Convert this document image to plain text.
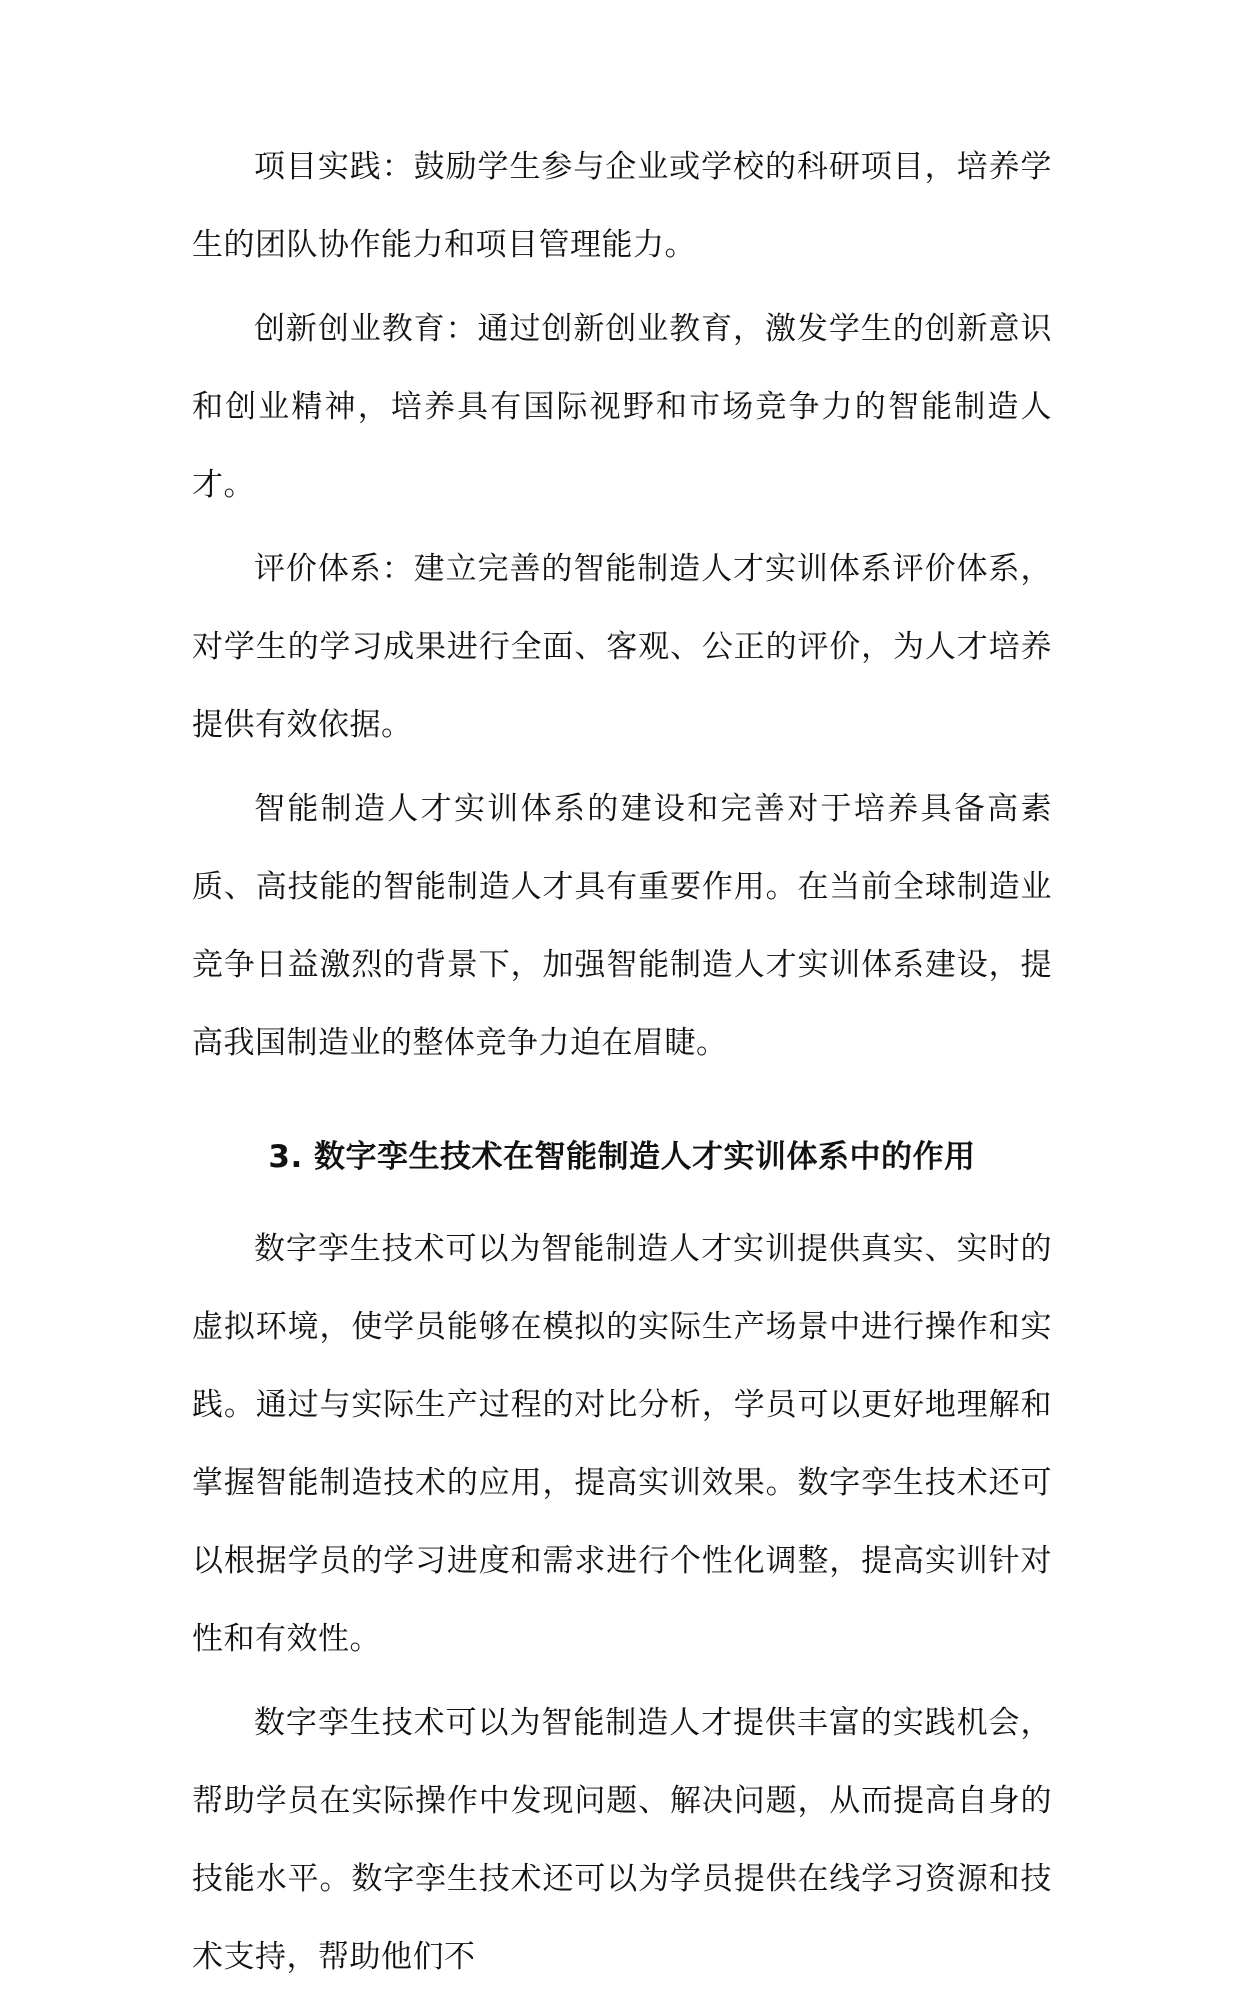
项目实践：鼓励学生参与企业或学校的科研项目，培养学生的团队协作能力和项目管理能力。

创新创业教育：通过创新创业教育，激发学生的创新意识和创业精神，培养具有国际视野和市场竞争力的智能制造人才。

评价体系：建立完善的智能制造人才实训体系评价体系，对学生的学习成果进行全面、客观、公正的评价，为人才培养提供有效依据。

智能制造人才实训体系的建设和完善对于培养具备高素质、高技能的智能制造人才具有重要作用。在当前全球制造业竞争日益激烈的背景下，加强智能制造人才实训体系建设，提高我国制造业的整体竞争力迫在眉睫。

3. 数字孪生技术在智能制造人才实训体系中的作用

数字孪生技术可以为智能制造人才实训提供真实、实时的虚拟环境，使学员能够在模拟的实际生产场景中进行操作和实践。通过与实际生产过程的对比分析，学员可以更好地理解和掌握智能制造技术的应用，提高实训效果。数字孪生技术还可以根据学员的学习进度和需求进行个性化调整，提高实训针对性和有效性。

数字孪生技术可以为智能制造人才提供丰富的实践机会，帮助学员在实际操作中发现问题、解决问题，从而提高自身的技能水平。数字孪生技术还可以为学员提供在线学习资源和技术支持，帮助他们不
